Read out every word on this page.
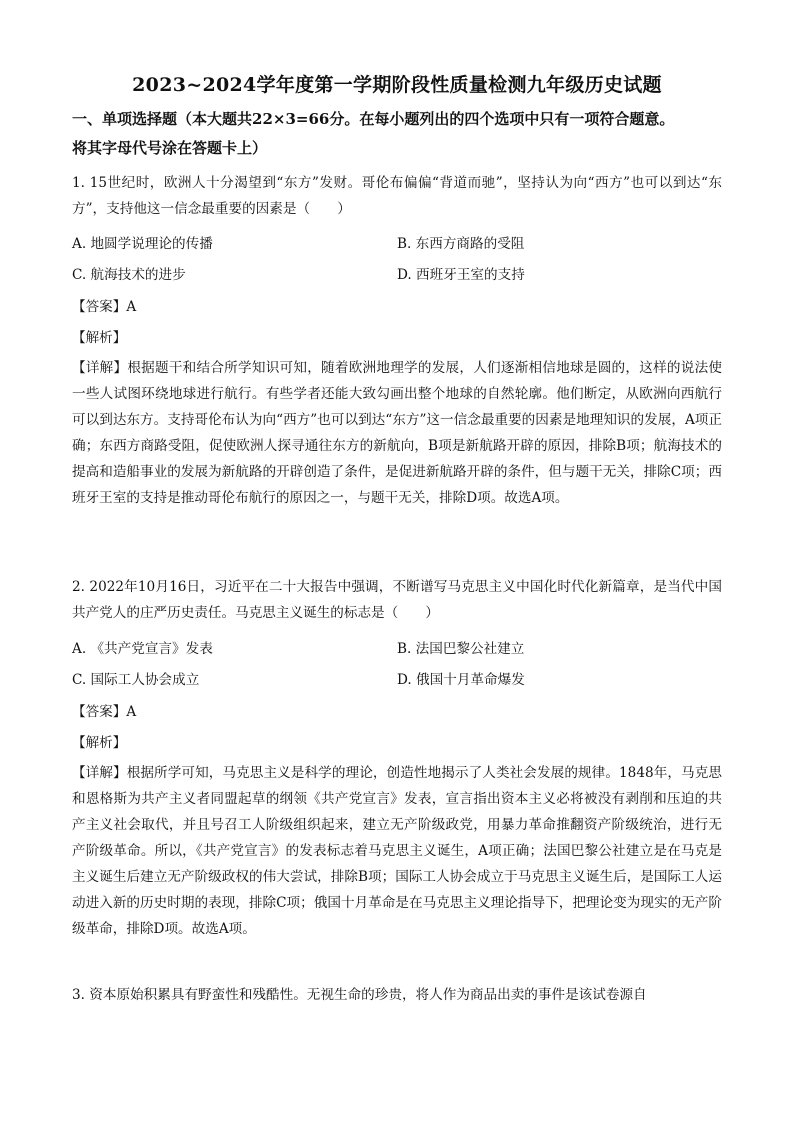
2023~2024学年度第一学期阶段性质量检测九年级历史试题
一、单项选择题（本大题共22×3=66分。在每小题列出的四个选项中只有一项符合题意。
将其字母代号涂在答题卡上）
1. 15世纪时，欧洲人十分渴望到“东方”发财。哥伦布偏偏“背道而驰”，坚持认为向“西方”也可以到达“东方”，支持他这一信念最重要的因素是（　　）
A. 地圆学说理论的传播	B. 东西方商路的受阻
C. 航海技术的进步	D. 西班牙王室的支持
【答案】A
【解析】
【详解】根据题干和结合所学知识可知，随着欧洲地理学的发展，人们逐渐相信地球是圆的，这样的说法使一些人试图环绕地球进行航行。有些学者还能大致勾画出整个地球的自然轮廓。他们断定，从欧洲向西航行可以到达东方。支持哥伦布认为向“西方”也可以到达“东方”这一信念最重要的因素是地理知识的发展，A项正确；东西方商路受阻，促使欧洲人探寻通往东方的新航向，B项是新航路开辟的原因，排除B项；航海技术的提高和造船事业的发展为新航路的开辟创造了条件，是促进新航路开辟的条件，但与题干无关，排除C项；西班牙王室的支持是推动哥伦布航行的原因之一，与题干无关，排除D项。故选A项。
2. 2022年10月16日，习近平在二十大报告中强调，不断谱写马克思主义中国化时代化新篇章，是当代中国共产党人的庄严历史责任。马克思主义诞生的标志是（　　）
A. 《共产党宣言》发表	B. 法国巴黎公社建立
C. 国际工人协会成立	D. 俄国十月革命爆发
【答案】A
【解析】
【详解】根据所学可知，马克思主义是科学的理论，创造性地揭示了人类社会发展的规律。1848年，马克思和恩格斯为共产主义者同盟起草的纲领《共产党宣言》发表，宣言指出资本主义必将被没有剥削和压迫的共产主义社会取代，并且号召工人阶级组织起来，建立无产阶级政党，用暴力革命推翻资产阶级统治，进行无产阶级革命。所以，《共产党宣言》的发表标志着马克思主义诞生，A项正确；法国巴黎公社建立是在马克是主义诞生后建立无产阶级政权的伟大尝试，排除B项；国际工人协会成立于马克思主义诞生后，是国际工人运动进入新的历史时期的表现，排除C项；俄国十月革命是在马克思主义理论指导下，把理论变为现实的无产阶级革命，排除D项。故选A项。
3. 资本原始积累具有野蛮性和残酷性。无视生命的珍贵，将人作为商品出卖的事件是该试卷源自
